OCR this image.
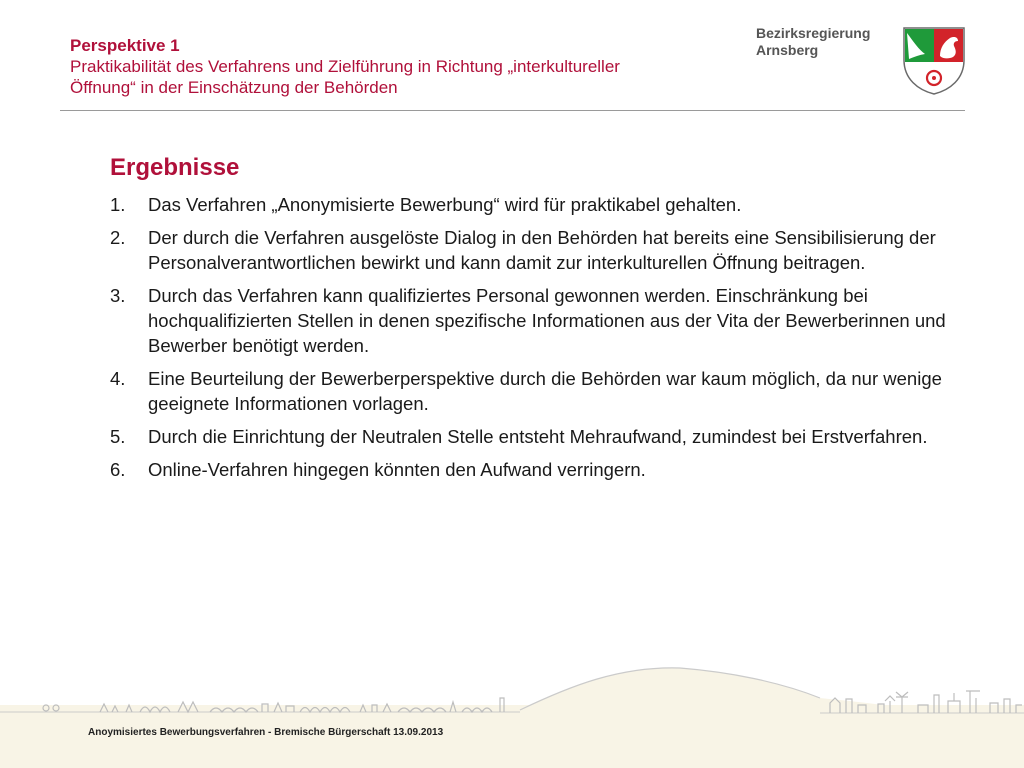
Perspektive 1
Praktikabilität des Verfahrens und Zielführung in Richtung „interkultureller
Öffnung“ in der Einschätzung der Behörden
Bezirksregierung
Arnsberg
Ergebnisse
1. Das Verfahren „Anonymisierte Bewerbung“ wird für praktikabel gehalten.
2. Der durch die Verfahren ausgelöste Dialog in den Behörden hat bereits eine Sensibilisierung der Personalverantwortlichen bewirkt und kann damit zur interkulturellen Öffnung beitragen.
3. Durch das Verfahren kann qualifiziertes Personal gewonnen werden. Einschränkung bei hochqualifizierten Stellen in denen spezifische Informationen aus der Vita der Bewerberinnen und Bewerber benötigt werden.
4. Eine Beurteilung der Bewerberperspektive durch die Behörden war kaum möglich, da nur wenige geeignete Informationen vorlagen.
5. Durch die Einrichtung der Neutralen Stelle entsteht Mehraufwand, zumindest bei Erstverfahren.
6. Online-Verfahren hingegen könnten den Aufwand verringern.
Anoymisiertes Bewerbungsverfahren - Bremische Bürgerschaft 13.09.2013
